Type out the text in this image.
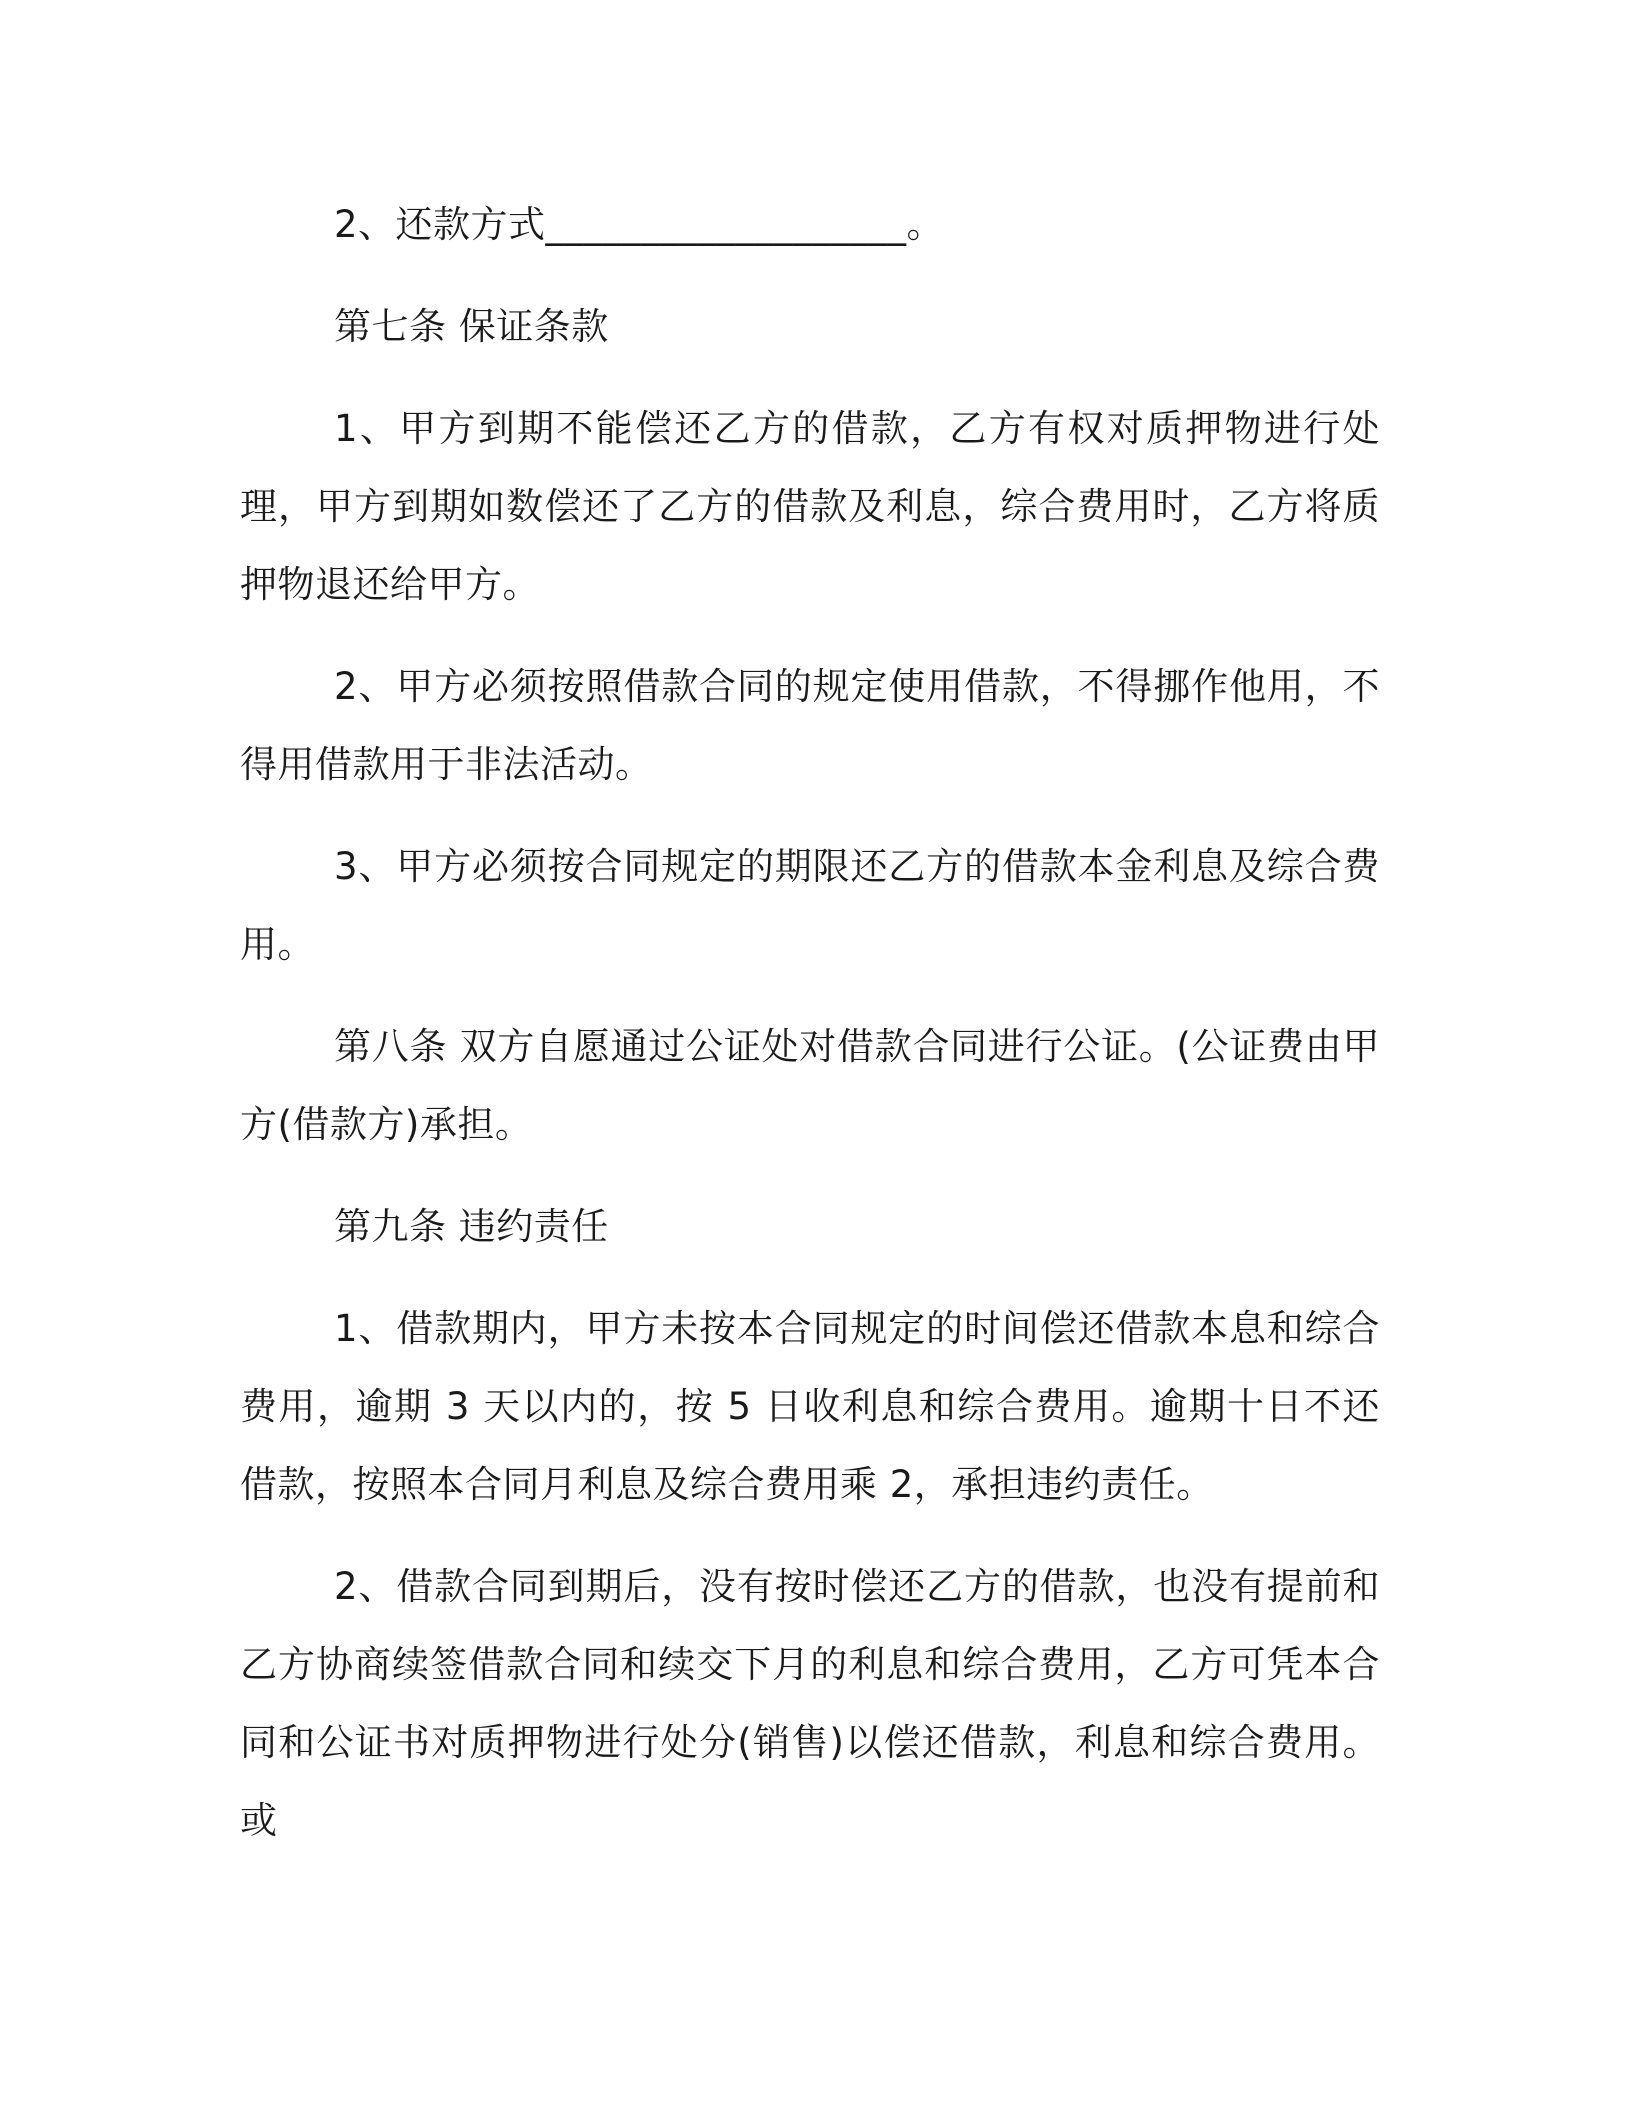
2、还款方式___________________。

第七条 保证条款

1、甲方到期不能偿还乙方的借款，乙方有权对质押物进行处理，甲方到期如数偿还了乙方的借款及利息，综合费用时，乙方将质押物退还给甲方。

2、甲方必须按照借款合同的规定使用借款，不得挪作他用，不得用借款用于非法活动。

3、甲方必须按合同规定的期限还乙方的借款本金利息及综合费用。

第八条 双方自愿通过公证处对借款合同进行公证。(公证费由甲方(借款方)承担。

第九条 违约责任

1、借款期内，甲方未按本合同规定的时间偿还借款本息和综合费用，逾期 3 天以内的，按 5 日收利息和综合费用。逾期十日不还借款，按照本合同月利息及综合费用乘 2，承担违约责任。

2、借款合同到期后，没有按时偿还乙方的借款，也没有提前和乙方协商续签借款合同和续交下月的利息和综合费用，乙方可凭本合同和公证书对质押物进行处分(销售)以偿还借款，利息和综合费用。或
